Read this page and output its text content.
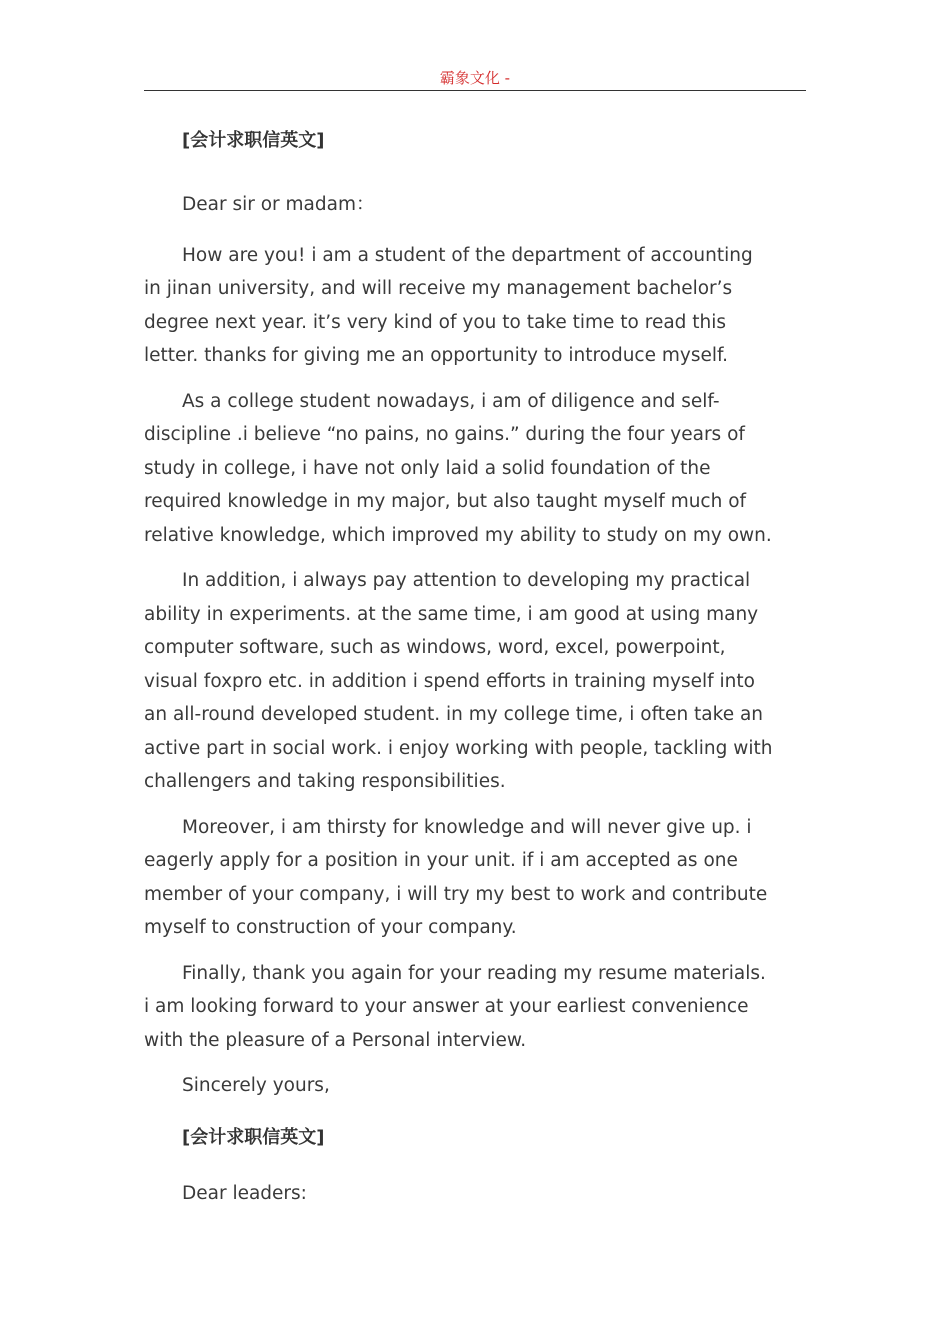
霸象文化 -

[会计求职信英文]

Dear sir or madam：

How are you! i am a student of the department of accounting
in jinan university, and will receive my management bachelor’s
degree next year. it’s very kind of you to take time to read this
letter. thanks for giving me an opportunity to introduce myself.

As a college student nowadays, i am of diligence and self-
discipline .i believe “no pains, no gains.” during the four years of
study in college, i have not only laid a solid foundation of the
required knowledge in my major, but also taught myself much of
relative knowledge, which improved my ability to study on my own.

In addition, i always pay attention to developing my practical
ability in experiments. at the same time, i am good at using many
computer software, such as windows, word, excel, powerpoint,
visual foxpro etc. in addition i spend efforts in training myself into
an all-round developed student. in my college time, i often take an
active part in social work. i enjoy working with people, tackling with
challengers and taking responsibilities.

Moreover, i am thirsty for knowledge and will never give up. i
eagerly apply for a position in your unit. if i am accepted as one
member of your company, i will try my best to work and contribute
myself to construction of your company.

Finally, thank you again for your reading my resume materials.
i am looking forward to your answer at your earliest convenience
with the pleasure of a Personal interview.

Sincerely yours,

[会计求职信英文]

Dear leaders:
